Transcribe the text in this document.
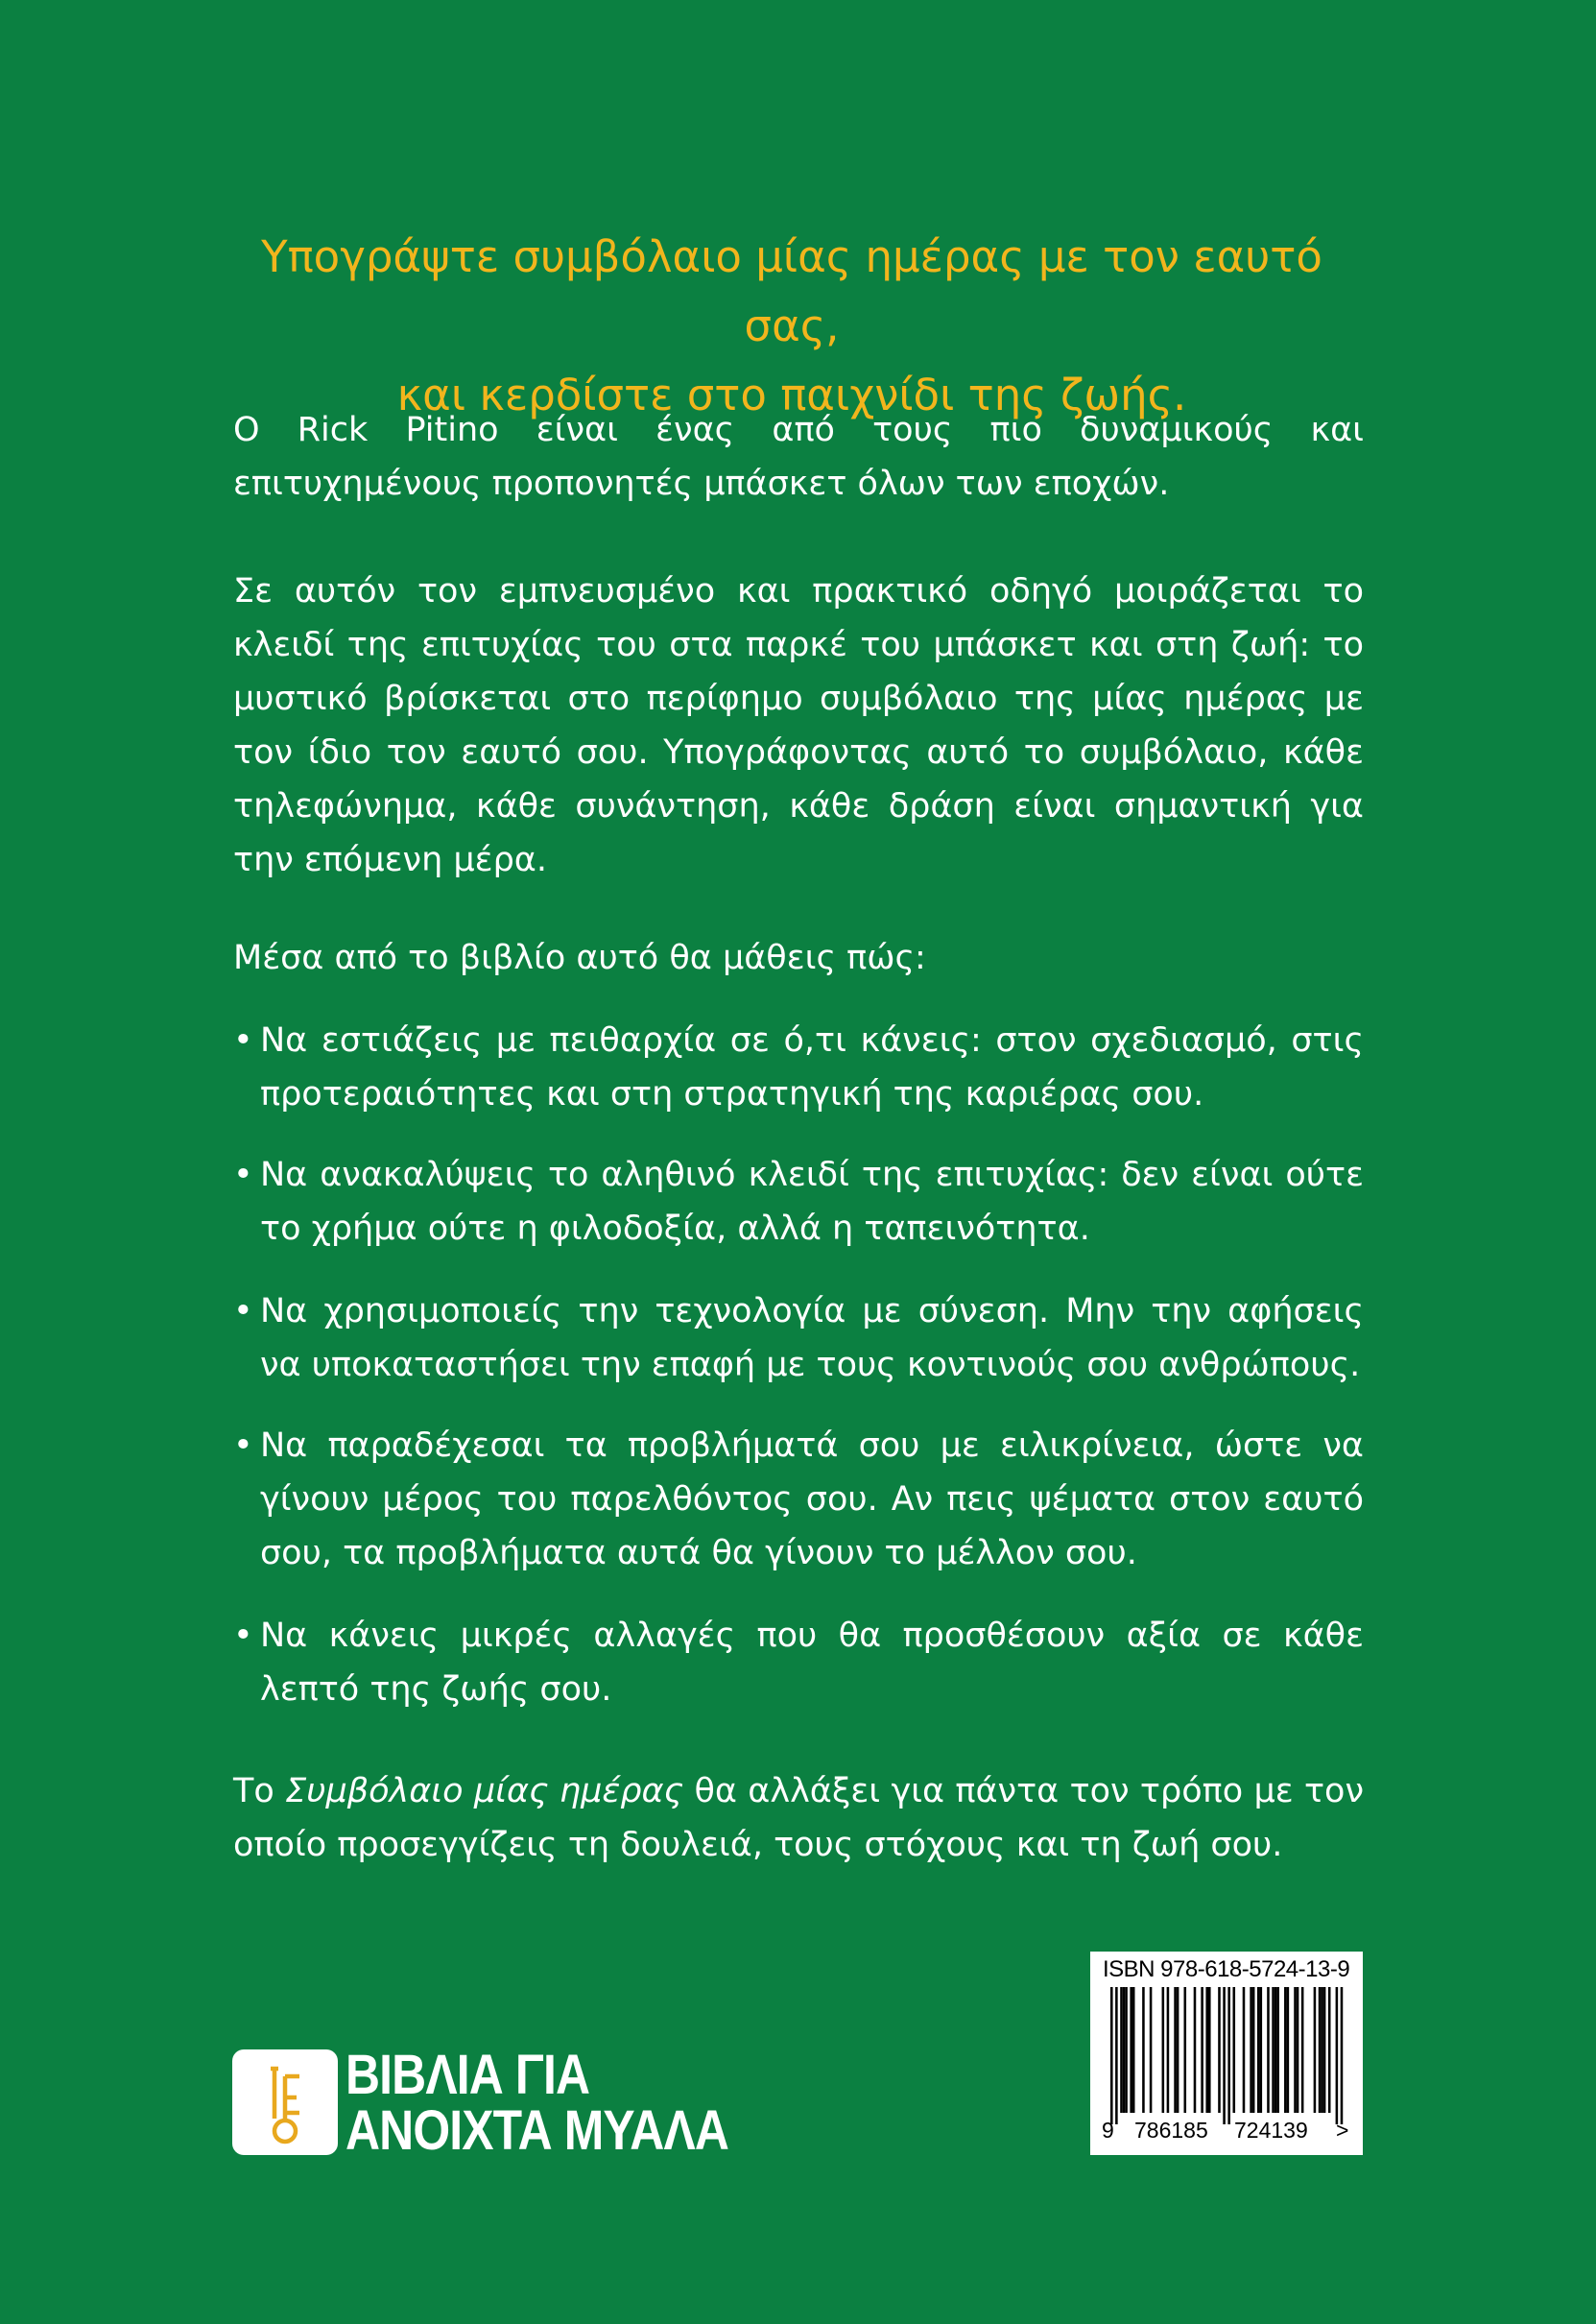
Υπογράψτε συμβόλαιο μίας ημέρας με τον εαυτό σας,
και κερδίστε στο παιχνίδι της ζωής.
Ο Rick Pitino είναι ένας από τους πιο δυναμικούς και επιτυχημένους προπονητές μπάσκετ όλων των εποχών.
Σε αυτόν τον εμπνευσμένο και πρακτικό οδηγό μοιράζεται το κλειδί της επιτυχίας του στα παρκέ του μπάσκετ και στη ζωή: το μυστικό βρίσκεται στο περίφημο συμβόλαιο της μίας ημέρας με τον ίδιο τον εαυτό σου. Υπογράφοντας αυτό το συμβόλαιο, κάθε τηλεφώνημα, κάθε συνάντηση, κάθε δράση είναι σημαντική για την επόμενη μέρα.
Μέσα από το βιβλίο αυτό θα μάθεις πώς:
• Να εστιάζεις με πειθαρχία σε ό,τι κάνεις: στον σχεδιασμό, στις προτεραιότητες και στη στρατηγική της καριέρας σου.
• Να ανακαλύψεις το αληθινό κλειδί της επιτυχίας: δεν είναι ούτε το χρήμα ούτε η φιλοδοξία, αλλά η ταπεινότητα.
• Να χρησιμοποιείς την τεχνολογία με σύνεση. Μην την αφήσεις να υποκαταστήσει την επαφή με τους κοντινούς σου ανθρώπους.
• Να παραδέχεσαι τα προβλήματά σου με ειλικρίνεια, ώστε να γίνουν μέρος του παρελθόντος σου. Αν πεις ψέματα στον εαυτό σου, τα προβλήματα αυτά θα γίνουν το μέλλον σου.
• Να κάνεις μικρές αλλαγές που θα προσθέσουν αξία σε κάθε λεπτό της ζωής σου.
Το Συμβόλαιο μίας ημέρας θα αλλάξει για πάντα τον τρόπο με τον οποίο προσεγγίζεις τη δουλειά, τους στόχους και τη ζωή σου.
ΒΙΒΛΙΑ ΓΙΑ
ΑΝΟΙΧΤΑ ΜΥΑΛΑ
ISBN 978-618-5724-13-9
9 786185 724139 >
